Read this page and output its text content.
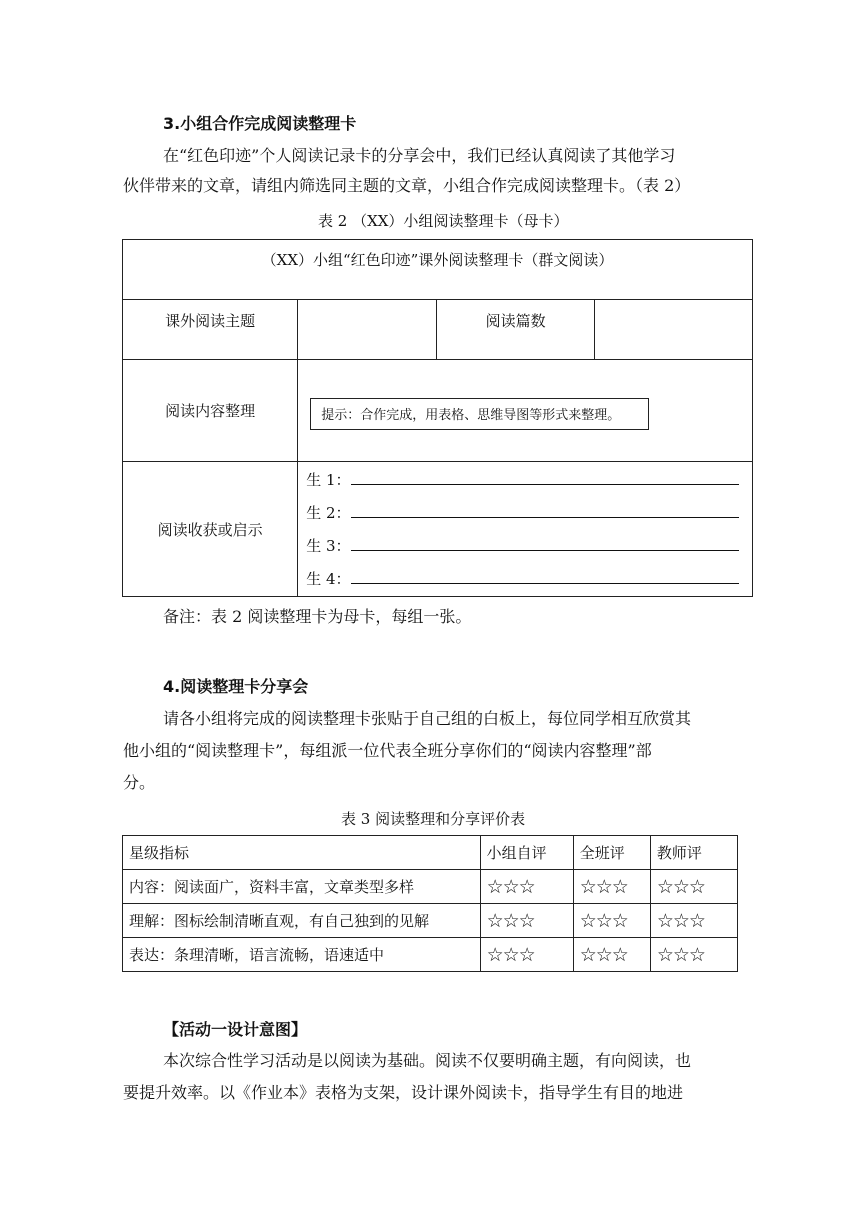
3.小组合作完成阅读整理卡
在“红色印迹”个人阅读记录卡的分享会中，我们已经认真阅读了其他学习
伙伴带来的文章，请组内筛选同主题的文章，小组合作完成阅读整理卡。（表 2）
表 2 （XX）小组阅读整理卡（母卡）
（XX）小组“红色印迹”课外阅读整理卡（群文阅读）			
课外阅读主题		阅读篇数	
阅读内容整理	提示：合作完成，用表格、思维导图等形式来整理。		
阅读收获或启示	生 1：
生 2：
生 3：
生 4：		
备注：表 2 阅读整理卡为母卡，每组一张。
4.阅读整理卡分享会
请各小组将完成的阅读整理卡张贴于自己组的白板上，每位同学相互欣赏其
他小组的“阅读整理卡”，每组派一位代表全班分享你们的“阅读内容整理”部
分。
表 3 阅读整理和分享评价表
星级指标	小组自评	全班评	教师评
内容：阅读面广，资料丰富，文章类型多样	☆☆☆	☆☆☆	☆☆☆
理解：图标绘制清晰直观，有自己独到的见解	☆☆☆	☆☆☆	☆☆☆
表达：条理清晰，语言流畅，语速适中	☆☆☆	☆☆☆	☆☆☆
【活动一设计意图】
本次综合性学习活动是以阅读为基础。阅读不仅要明确主题，有向阅读，也
要提升效率。以《作业本》表格为支架，设计课外阅读卡，指导学生有目的地进
